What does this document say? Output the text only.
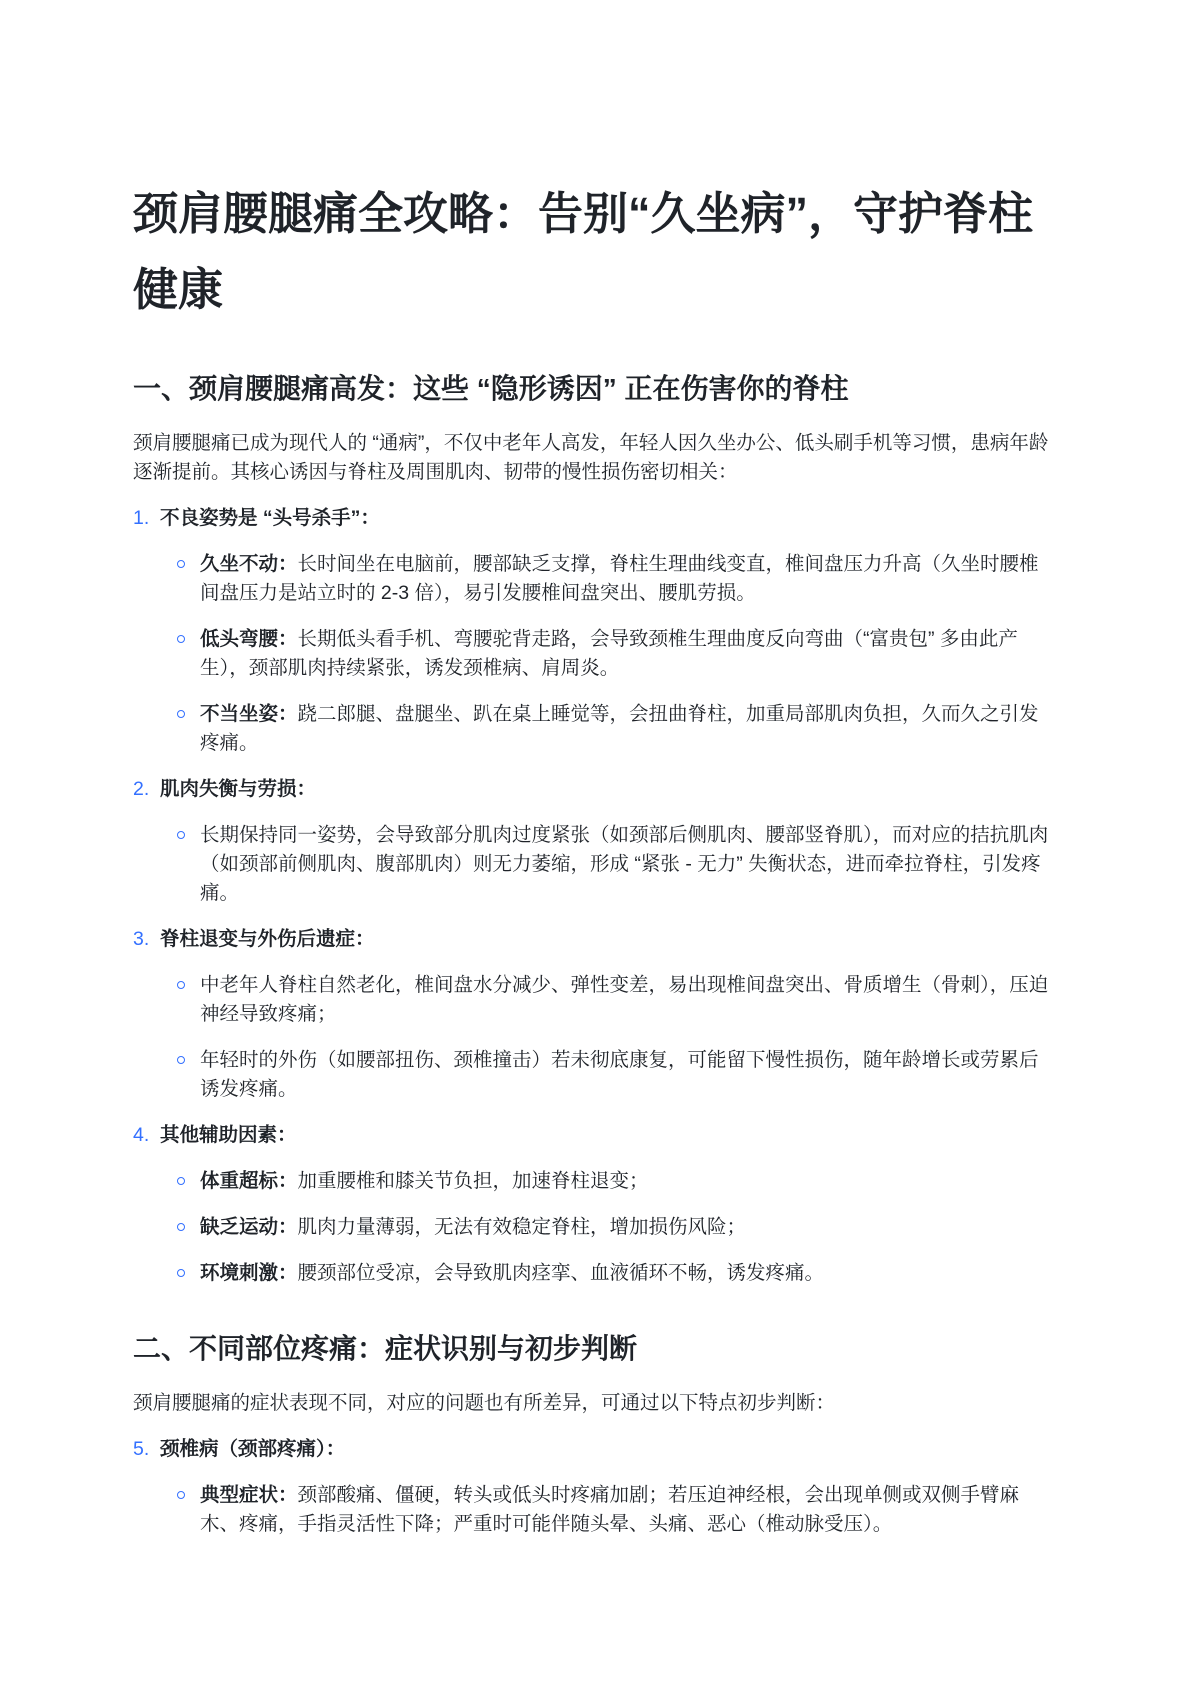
颈肩腰腿痛全攻略：告别“久坐病”，守护脊柱健康
一、颈肩腰腿痛高发：这些 “隐形诱因” 正在伤害你的脊柱

颈肩腰腿痛已成为现代人的 “通病”，不仅中老年人高发，年轻人因久坐办公、低头刷手机等习惯，患病年龄逐渐提前。其核心诱因与脊柱及周围肌肉、韧带的慢性损伤密切相关：

1. 不良姿势是 “头号杀手”：
久坐不动：长时间坐在电脑前，腰部缺乏支撑，脊柱生理曲线变直，椎间盘压力升高（久坐时腰椎间盘压力是站立时的 2-3 倍），易引发腰椎间盘突出、腰肌劳损。
低头弯腰：长期低头看手机、弯腰驼背走路，会导致颈椎生理曲度反向弯曲（“富贵包” 多由此产生），颈部肌肉持续紧张，诱发颈椎病、肩周炎。
不当坐姿：跷二郎腿、盘腿坐、趴在桌上睡觉等，会扭曲脊柱，加重局部肌肉负担，久而久之引发疼痛。
2. 肌肉失衡与劳损：
长期保持同一姿势，会导致部分肌肉过度紧张（如颈部后侧肌肉、腰部竖脊肌），而对应的拮抗肌肉（如颈部前侧肌肉、腹部肌肉）则无力萎缩，形成 “紧张 - 无力” 失衡状态，进而牵拉脊柱，引发疼痛。
3. 脊柱退变与外伤后遗症：
中老年人脊柱自然老化，椎间盘水分减少、弹性变差，易出现椎间盘突出、骨质增生（骨刺），压迫神经导致疼痛；
年轻时的外伤（如腰部扭伤、颈椎撞击）若未彻底康复，可能留下慢性损伤，随年龄增长或劳累后诱发疼痛。
4. 其他辅助因素：
体重超标：加重腰椎和膝关节负担，加速脊柱退变；
缺乏运动：肌肉力量薄弱，无法有效稳定脊柱，增加损伤风险；
环境刺激：腰颈部位受凉，会导致肌肉痉挛、血液循环不畅，诱发疼痛。
二、不同部位疼痛：症状识别与初步判断

颈肩腰腿痛的症状表现不同，对应的问题也有所差异，可通过以下特点初步判断：

5. 颈椎病（颈部疼痛）：
典型症状：颈部酸痛、僵硬，转头或低头时疼痛加剧；若压迫神经根，会出现单侧或双侧手臂麻木、疼痛，手指灵活性下降；严重时可能伴随头晕、头痛、恶心（椎动脉受压）。
